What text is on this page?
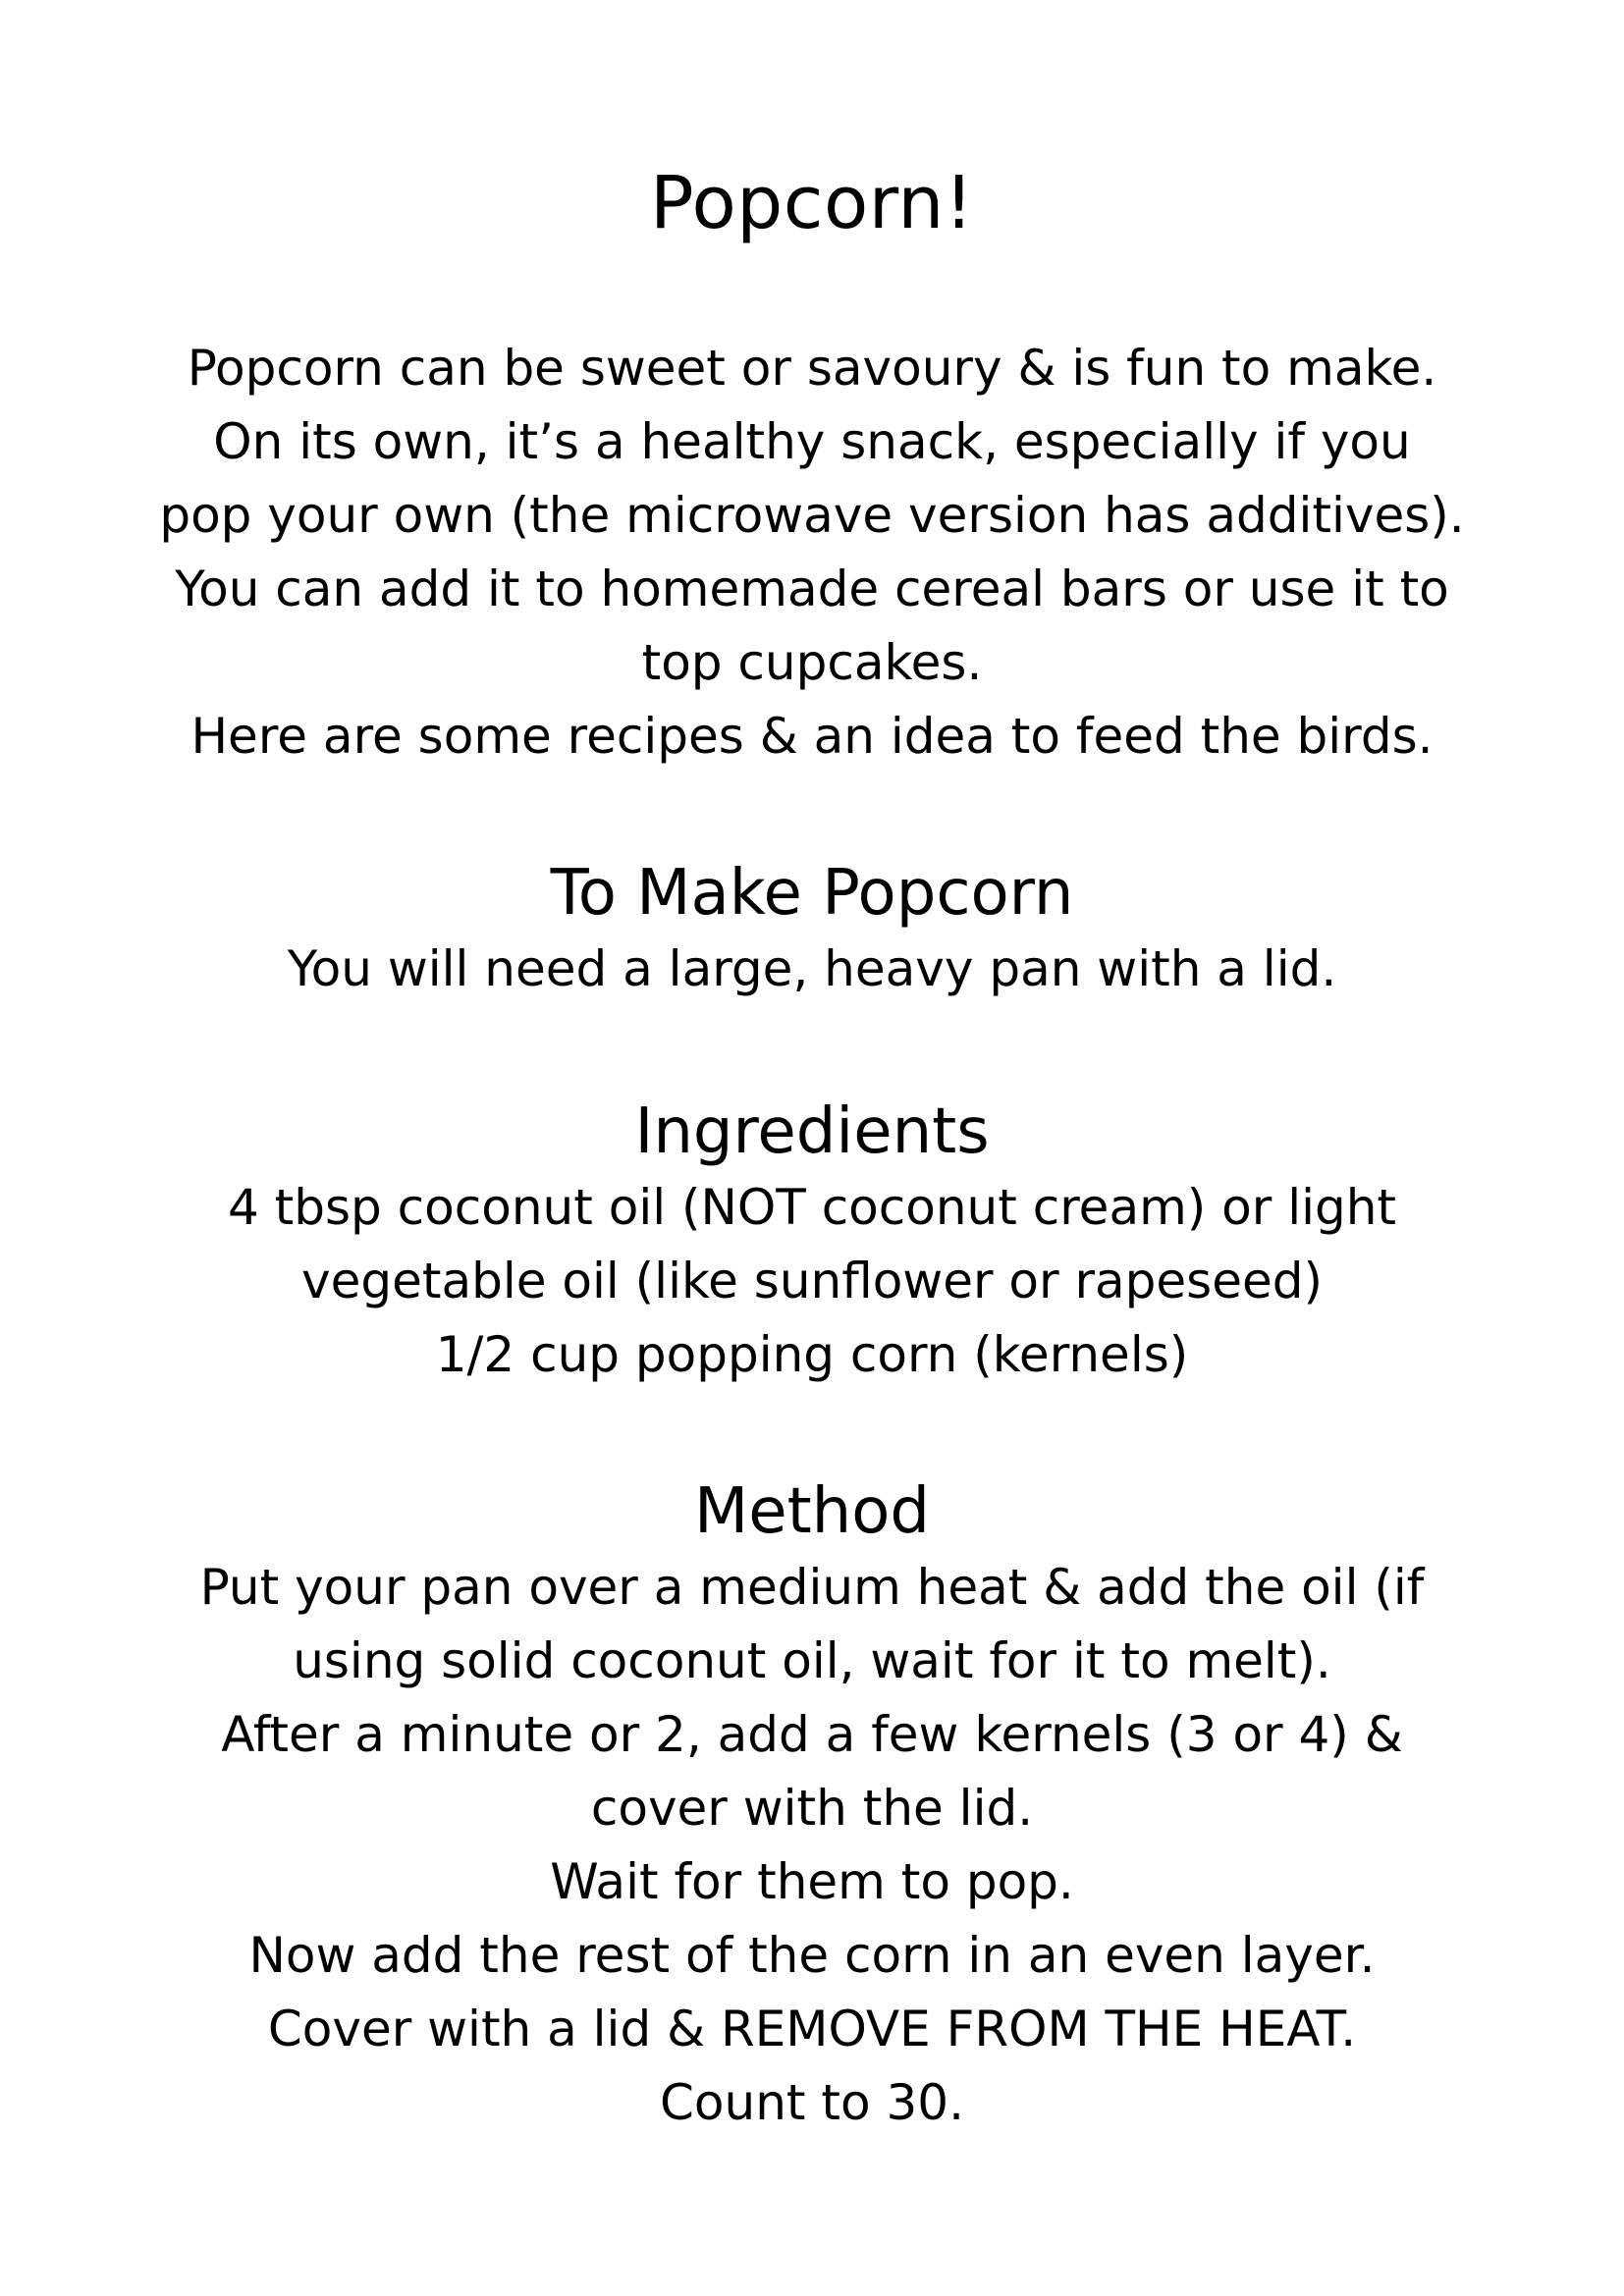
Popcorn!
Popcorn can be sweet or savoury & is fun to make.
On its own, it’s a healthy snack, especially if you
pop your own (the microwave version has additives).
You can add it to homemade cereal bars or use it to
top cupcakes.
Here are some recipes & an idea to feed the birds.
To Make Popcorn
You will need a large, heavy pan with a lid.
Ingredients
4 tbsp coconut oil (NOT coconut cream) or light
vegetable oil (like sunflower or rapeseed)
1/2 cup popping corn (kernels)
Method
Put your pan over a medium heat & add the oil (if
using solid coconut oil, wait for it to melt).
After a minute or 2, add a few kernels (3 or 4) &
cover with the lid.
Wait for them to pop.
Now add the rest of the corn in an even layer.
Cover with a lid & REMOVE FROM THE HEAT.
Count to 30.
